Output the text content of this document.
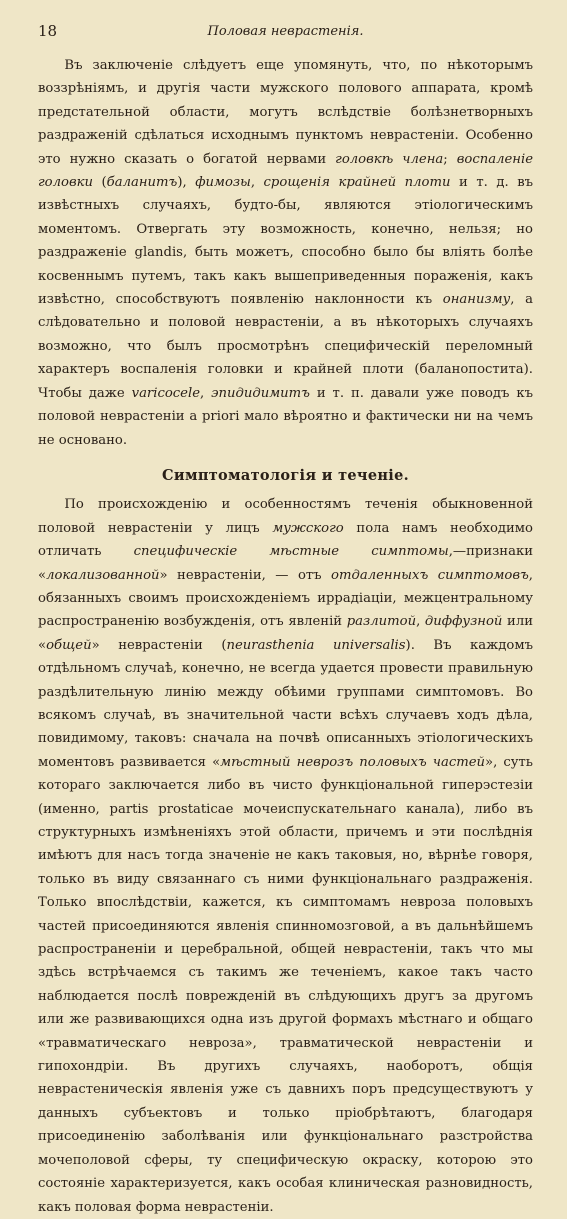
18	Половая неврастенія.

Въ заключеніе слѣдуетъ еще упомянуть, что, по нѣкоторымъ воззрѣніямъ, и другія части мужского полового аппарата, кромѣ предстательной области, могутъ вслѣдствіе болѣзнетворныхъ раздраженій сдѣлаться исходнымъ пунктомъ неврастеніи. Особенно это нужно сказать о богатой нервами головкѣ члена; воспаленіе головки (баланитъ), фимозы, срощенія крайней плоти и т. д. въ извѣстныхъ случаяхъ, будто-бы, являются этіологическимъ моментомъ. Отвергать эту возможность, конечно, нельзя; но раздраженіе glandis, быть можетъ, способно было бы вліять болѣе косвеннымъ путемъ, такъ какъ вышеприведенныя пораженія, какъ извѣстно, способствуютъ появленію наклонности къ онанизму, а слѣдовательно и половой неврастеніи, а въ нѣкоторыхъ случаяхъ возможно, что былъ просмотрѣнъ специфическій переломный характеръ воспаленія головки и крайней плоти (баланопостита). Чтобы даже varicocele, эпидидимитъ и т. п. давали уже поводъ къ половой неврастеніи a priori мало вѣроятно и фактически ни на чемъ не основано.

Симптоматологія и теченіе.

По происхожденію и особенностямъ теченія обыкновенной половой неврастеніи у лицъ мужского пола намъ необходимо отличать специфическіе мѣстные симптомы,—признаки «локализованной» неврастеніи, — отъ отдаленныхъ симптомовъ, обязанныхъ своимъ происхожденіемъ иррадіаціи, межцентральному распространенію возбужденія, отъ явленій разлитой, диффузной или «общей» неврастеніи (neurasthenia universalis). Въ каждомъ отдѣльномъ случаѣ, конечно, не всегда удается провести правильную раздѣлительную линію между обѣими группами симптомовъ. Во всякомъ случаѣ, въ значительной части всѣхъ случаевъ ходъ дѣла, повидимому, таковъ: сначала на почвѣ описанныхъ этіологическихъ моментовъ развивается «мѣстный неврозъ половыхъ частей», суть котораго заключается либо въ чисто функціональной гиперэстезіи (именно, partis prostaticae мочеиспускательнаго канала), либо въ структурныхъ измѣненіяхъ этой области, причемъ и эти послѣднія имѣютъ для насъ тогда значеніе не какъ таковыя, но, вѣрнѣе говоря, только въ виду связаннаго съ ними функціональнаго раздраженія. Только впослѣдствіи, кажется, къ симптомамъ невроза половыхъ частей присоединяются явленія спинномозговой, а въ дальнѣйшемъ распространеніи и церебральной, общей неврастеніи, такъ что мы здѣсь встрѣчаемся съ такимъ же теченіемъ, какое такъ часто наблюдается послѣ поврежденій въ слѣдующихъ другъ за другомъ или же развивающихся одна изъ другой формахъ мѣстнаго и общаго «травматическаго невроза», травматической неврастеніи и гипохондріи. Въ другихъ случаяхъ, наоборотъ, общія неврастеническія явленія уже съ давнихъ поръ предсуществуютъ у данныхъ субъектовъ и только пріобрѣтаютъ, благодаря присоединенію заболѣванія или функціональнаго разстройства мочеполовой сферы, ту специфическую окраску, которою это состояніе характеризуется, какъ особая клиническая разновидность, какъ половая форма неврастеніи.
